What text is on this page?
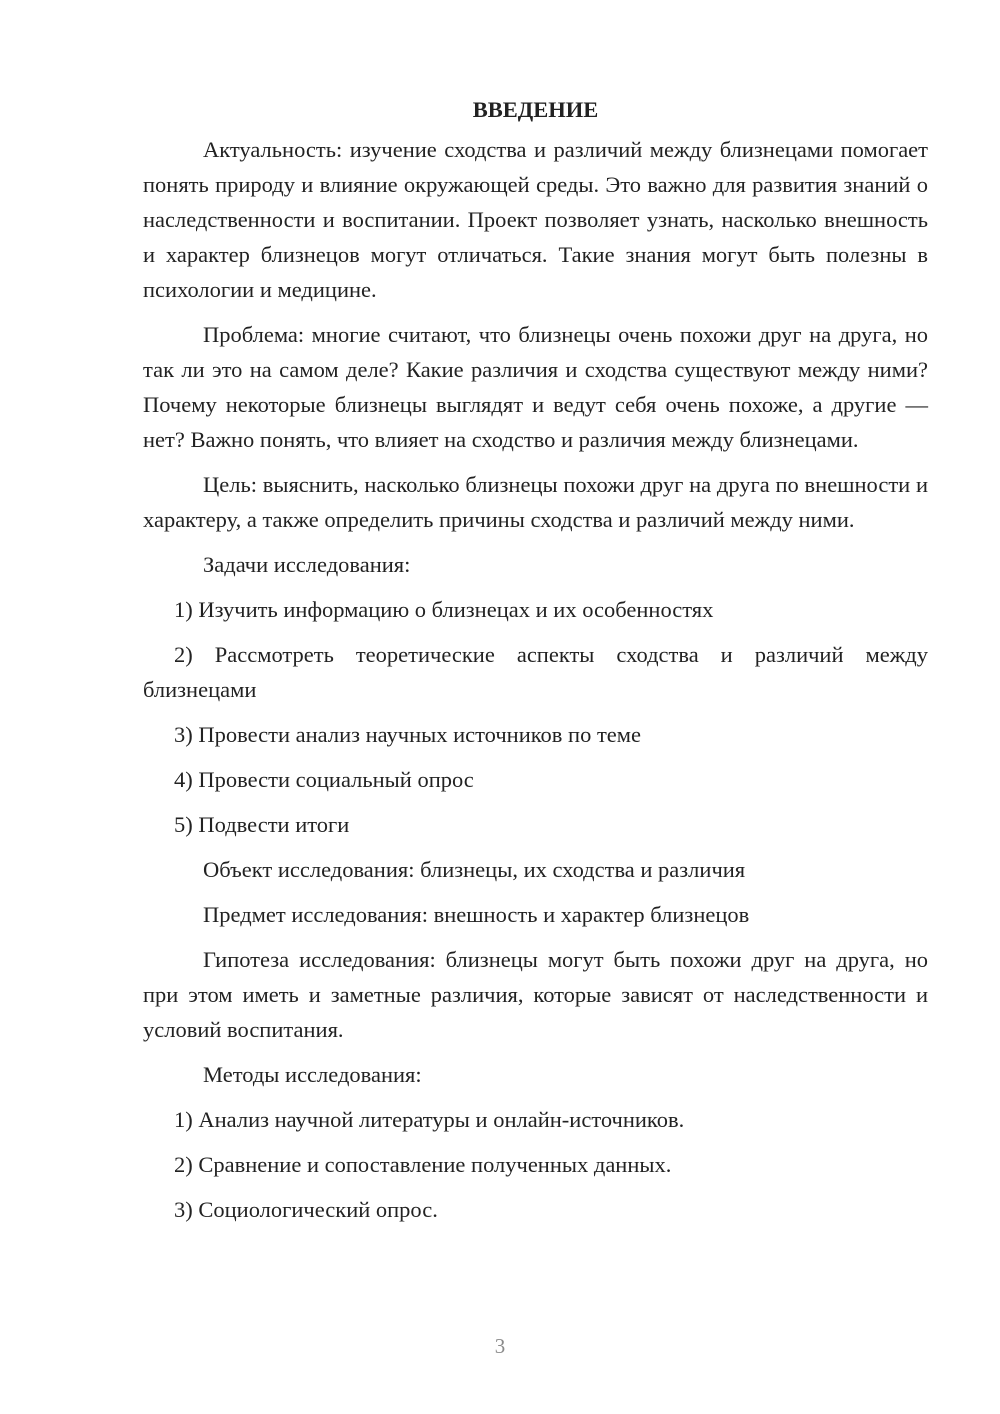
ВВЕДЕНИЕ

Актуальность: изучение сходства и различий между близнецами помогает понять природу и влияние окружающей среды. Это важно для развития знаний о наследственности и воспитании. Проект позволяет узнать, насколько внешность и характер близнецов могут отличаться. Такие знания могут быть полезны в психологии и медицине.

Проблема: многие считают, что близнецы очень похожи друг на друга, но так ли это на самом деле? Какие различия и сходства существуют между ними? Почему некоторые близнецы выглядят и ведут себя очень похоже, а другие — нет? Важно понять, что влияет на сходство и различия между близнецами.

Цель: выяснить, насколько близнецы похожи друг на друга по внешности и характеру, а также определить причины сходства и различий между ними.

Задачи исследования:

1) Изучить информацию о близнецах и их особенностях

2) Рассмотреть теоретические аспекты сходства и различий между близнецами

3) Провести анализ научных источников по теме

4) Провести социальный опрос

5) Подвести итоги

Объект исследования: близнецы, их сходства и различия

Предмет исследования: внешность и характер близнецов

Гипотеза исследования: близнецы могут быть похожи друг на друга, но при этом иметь и заметные различия, которые зависят от наследственности и условий воспитания.

Методы исследования:

1) Анализ научной литературы и онлайн-источников.

2) Сравнение и сопоставление полученных данных.

3) Социологический опрос.

3
